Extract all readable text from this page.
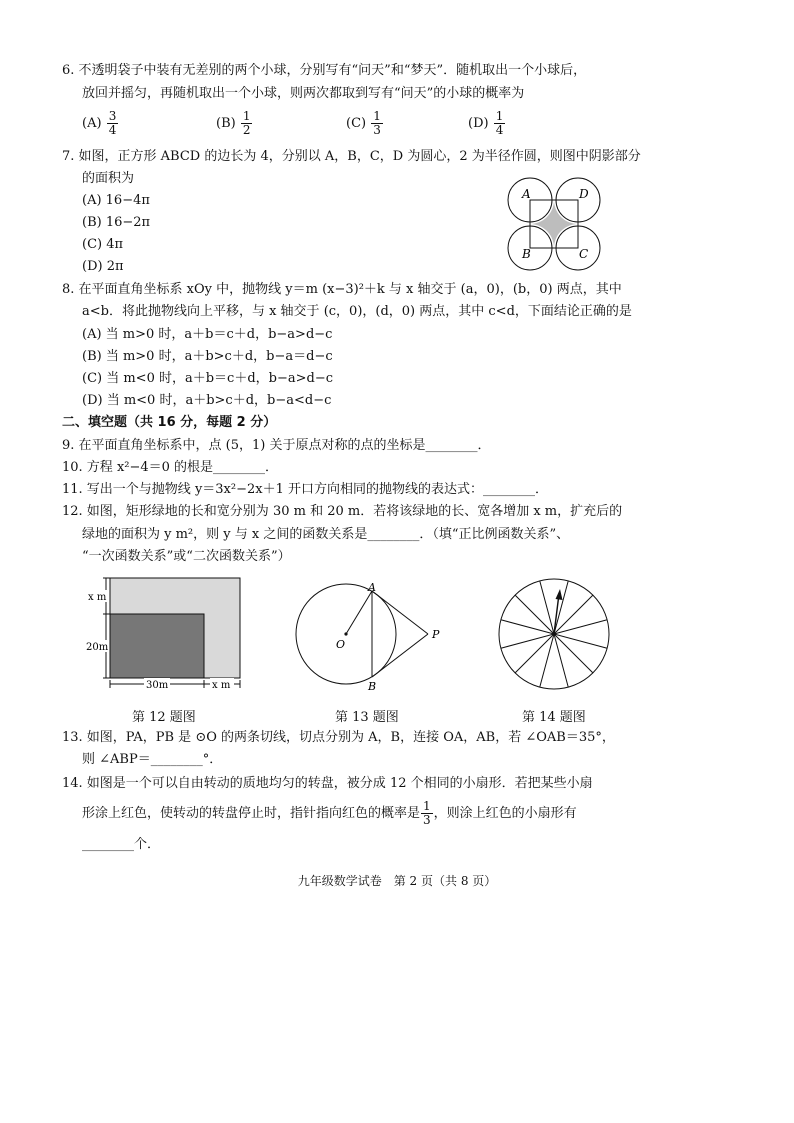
6. 不透明袋子中装有无差别的两个小球，分别写有“问天”和“梦天”．随机取出一个小球后，
放回并摇匀，再随机取出一个小球，则两次都取到写有“问天”的小球的概率为
$(A) \frac{3}{4}$	$(B) \frac{1}{2}$	$(C) \frac{1}{3}$	$(D) \frac{1}{4}$
7. 如图，正方形 ABCD 的边长为 4，分别以 A，B，C，D 为圆心，2 为半径作圆，则图中阴影部分
的面积为
(A) 16−4π
(B) 16−2π
(C) 4π
(D) 2π
A	D
B	C
8. 在平面直角坐标系 xOy 中，抛物线 y＝m (x−3)²＋k 与 x 轴交于 (a，0)，(b，0) 两点，其中
a<b．将此抛物线向上平移，与 x 轴交于 (c，0)，(d，0) 两点，其中 c<d，下面结论正确的是
(A) 当 m>0 时，a＋b＝c＋d，b−a>d−c
(B) 当 m>0 时，a＋b>c＋d，b−a＝d−c
(C) 当 m<0 时，a＋b＝c＋d，b−a>d−c
(D) 当 m<0 时，a＋b>c＋d，b−a<d−c
二、填空题（共 16 分，每题 2 分）
9. 在平面直角坐标系中，点 (5，1) 关于原点对称的点的坐标是________．
10. 方程 x²−4＝0 的根是________．
11. 写出一个与抛物线 y＝3x²−2x＋1 开口方向相同的抛物线的表达式：________．
12. 如图，矩形绿地的长和宽分别为 30 m 和 20 m．若将该绿地的长、宽各增加 x m，扩充后的
绿地的面积为 y m²，则 y 与 x 之间的函数关系是________．（填“正比例函数关系”、
“一次函数关系”或“二次函数关系”）
x m
20m
30m	x m
A
O
P
B
第 12 题图	第 13 题图	第 14 题图
13. 如图，PA，PB 是 ⊙O 的两条切线，切点分别为 A，B，连接 OA，AB，若 ∠OAB＝35°，
则 ∠ABP＝________°．
14. 如图是一个可以自由转动的质地均匀的转盘，被分成 12 个相同的小扇形．若把某些小扇
形涂上红色，使转动的转盘停止时，指针指向红色的概率是 $\frac{1}{3}$ ，则涂上红色的小扇形有
________个．
九年级数学试卷　第 2 页（共 8 页）
